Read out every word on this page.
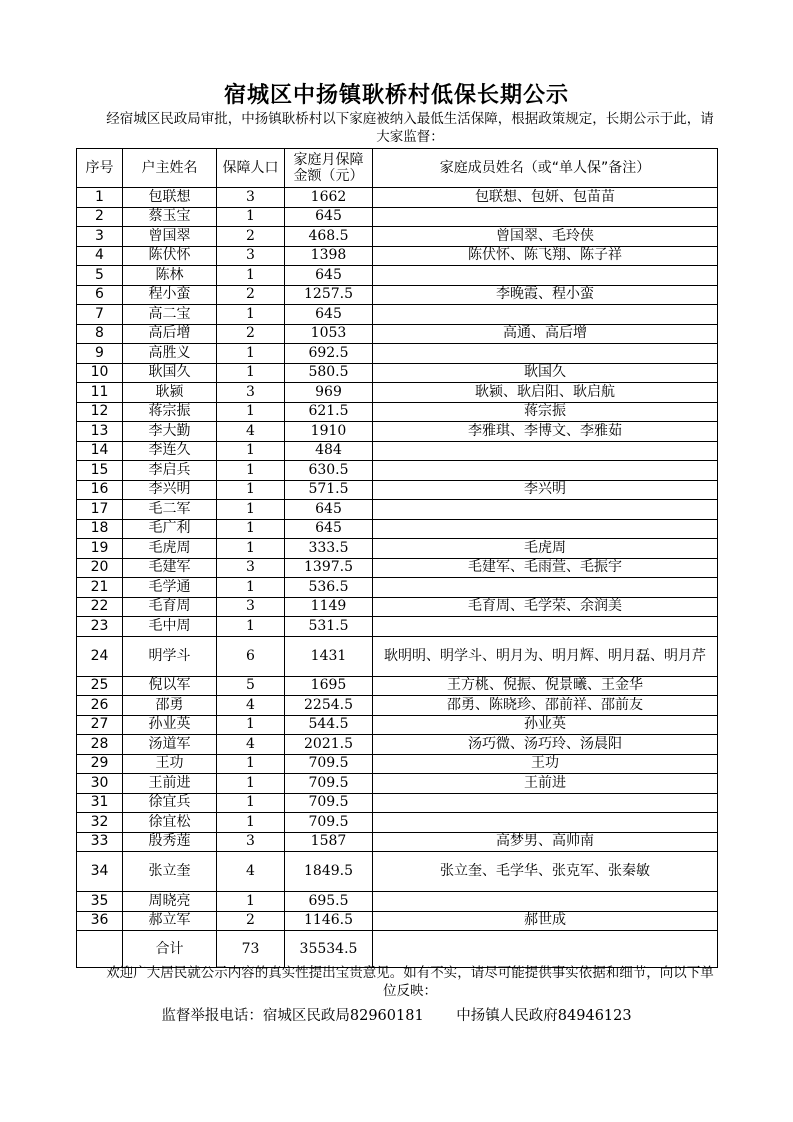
宿城区中扬镇耿桥村低保长期公示
经宿城区民政局审批，中扬镇耿桥村以下家庭被纳入最低生活保障，根据政策规定，长期公示于此，请大家监督：
序号	户主姓名	保障人口	家庭月保障金额（元）	家庭成员姓名（或“单人保”备注）
1	包联想	3	1662	包联想、包妍、包苗苗
2	蔡玉宝	1	645	
3	曾国翠	2	468.5	曾国翠、毛玲侠
4	陈伏怀	3	1398	陈伏怀、陈飞翔、陈子祥
5	陈林	1	645	
6	程小蛮	2	1257.5	李晚霞、程小蛮
7	高二宝	1	645	
8	高后增	2	1053	高通、高后增
9	高胜义	1	692.5	
10	耿国久	1	580.5	耿国久
11	耿颍	3	969	耿颍、耿启阳、耿启航
12	蒋宗振	1	621.5	蒋宗振
13	李大勤	4	1910	李雅琪、李博文、李雅茹
14	李连久	1	484	
15	李启兵	1	630.5	
16	李兴明	1	571.5	李兴明
17	毛二军	1	645	
18	毛广利	1	645	
19	毛虎周	1	333.5	毛虎周
20	毛建军	3	1397.5	毛建军、毛雨萱、毛振宇
21	毛学通	1	536.5	
22	毛育周	3	1149	毛育周、毛学荣、余润美
23	毛中周	1	531.5	
24	明学斗	6	1431	耿明明、明学斗、明月为、明月辉、明月磊、明月芹
25	倪以军	5	1695	王方桃、倪振、倪景曦、王金华
26	邵勇	4	2254.5	邵勇、陈晓珍、邵前祥、邵前友
27	孙业英	1	544.5	孙业英
28	汤道军	4	2021.5	汤巧微、汤巧玲、汤晨阳
29	王功	1	709.5	王功
30	王前进	1	709.5	王前进
31	徐宜兵	1	709.5	
32	徐宜松	1	709.5	
33	殷秀莲	3	1587	高梦男、高帅南
34	张立奎	4	1849.5	张立奎、毛学华、张克军、张秦敏
35	周晓亮	1	695.5	
36	郝立军	2	1146.5	郝世成
	合计	73	35534.5	
欢迎广大居民就公示内容的真实性提出宝贵意见。如有不实，请尽可能提供事实依据和细节，向以下单位反映：
监督举报电话：宿城区民政局82960181 中扬镇人民政府84946123
